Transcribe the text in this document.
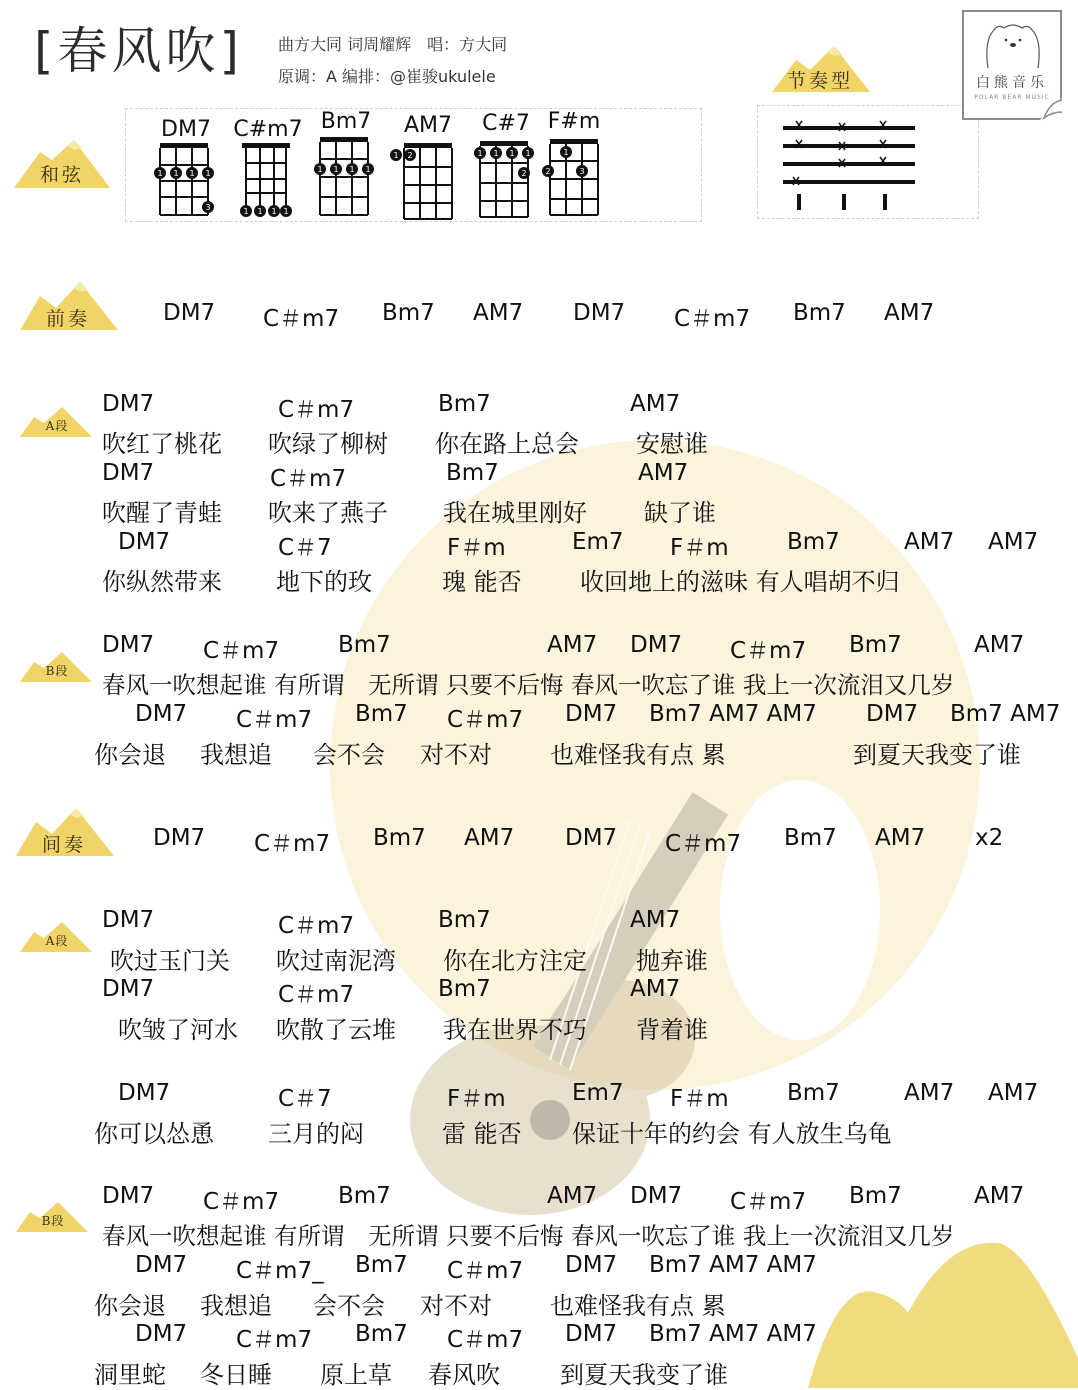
[春风吹] 曲方大同 词周耀辉　唱：方大同
原调：A 编排：@崔骏ukulele
和弦
DM7
1 1 1 1
3
C#m7
1 1 1 1
Bm7
1 1 1 1
AM7
1 2
C#7
1 1 1 1
2
F#m
1
2	3
节奏型	白熊音乐
POLAR BEAR MUSIC
前奏	DM7 C＃m7 Bm7 AM7 DM7 C＃m7 Bm7 AM7
A段
DM7	C＃m7	Bm7	AM7
吹红了桃花 吹绿了柳树 你在路上总会 安慰谁
DM7	C＃m7	Bm7	AM7
吹醒了青蛙 吹来了燕子 我在城里刚好 缺了谁
DM7	C＃7	F＃m	Em7 F＃m	Bm7	AM7 AM7
你纵然带来 地下的玫	瑰 能否 收回地上的滋味 有人唱胡不归
B段
DM7 C＃m7	Bm7	AM7 DM7 C＃m7 Bm7	AM7
春风一吹想起谁 有所谓　无所谓 只要不后悔 春风一吹忘了谁 我上一次流泪又几岁
DM7 C＃m7 Bm7 C＃m7 DM7 Bm7 AM7 AM7 DM7 Bm7 AM7
你会退 我想追 会不会 对不对 也难怪我有点 累	到夏天我变了谁
间奏	DM7 C＃m7 Bm7 AM7 DM7 C＃m7 Bm7 AM7 x2
A段
DM7	C＃m7	Bm7	AM7
吹过玉门关 吹过南泥湾 你在北方注定 抛弃谁
DM7	C＃m7	Bm7	AM7
吹皱了河水 吹散了云堆 我在世界不巧 背着谁
DM7	C＃7	F＃m	Em7 F＃m	Bm7	AM7 AM7
你可以怂恿 三月的闷	雷 能否 保证十年的约会 有人放生乌龟
B段
DM7 C＃m7	Bm7	AM7 DM7 C＃m7 Bm7	AM7
春风一吹想起谁 有所谓　无所谓 只要不后悔 春风一吹忘了谁 我上一次流泪又几岁
DM7 C＃m7_ Bm7 C＃m7 DM7 Bm7 AM7 AM7
你会退 我想追 会不会 对不对 也难怪我有点 累
DM7 C＃m7 Bm7 C＃m7 DM7 Bm7 AM7 AM7
洞里蛇 冬日睡 原上草 春风吹	到夏天我变了谁
